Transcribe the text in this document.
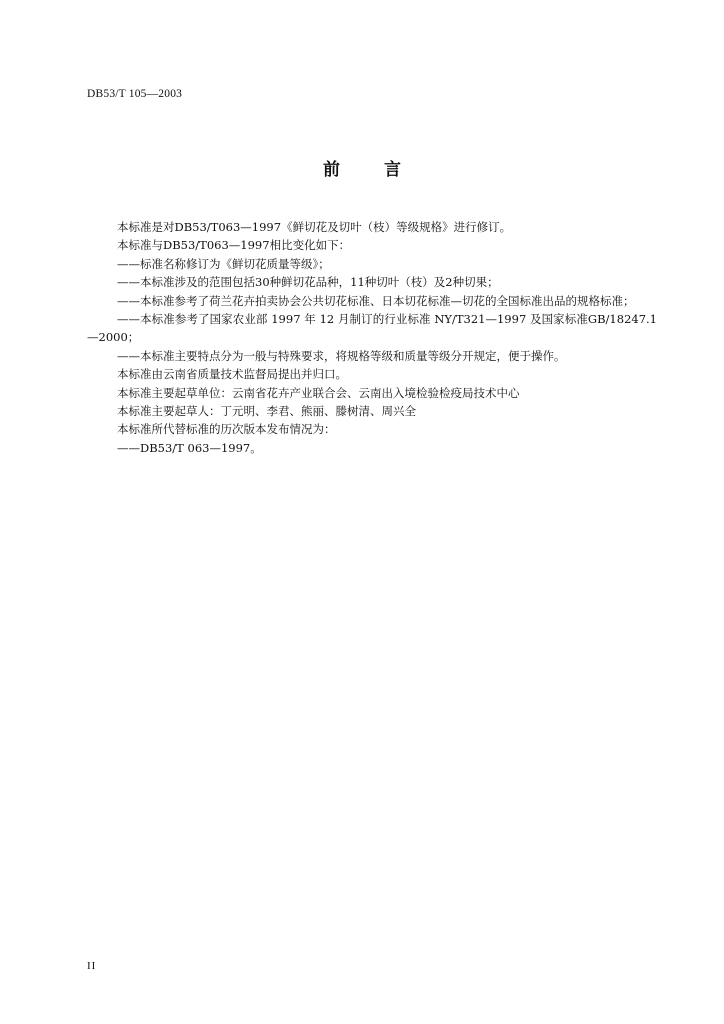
DB53/T 105—2003
前言

本标准是对DB53/T063—1997《鲜切花及切叶（枝）等级规格》进行修订。

本标准与DB53/T063—1997相比变化如下：

——标准名称修订为《鲜切花质量等级》；

——本标准涉及的范围包括30种鲜切花品种，11种切叶（枝）及2种切果；

——本标准参考了荷兰花卉拍卖协会公共切花标准、日本切花标准—切花的全国标准出品的规格标准；

——本标准参考了国家农业部 1997 年 12 月制订的行业标准 NY/T321—1997 及国家标准GB/18247.1—2000；

——本标准主要特点分为一般与特殊要求，将规格等级和质量等级分开规定，便于操作。

本标准由云南省质量技术监督局提出并归口。

本标准主要起草单位：云南省花卉产业联合会、云南出入境检验检疫局技术中心

本标准主要起草人：丁元明、李君、熊丽、滕树清、周兴全

本标准所代替标准的历次版本发布情况为：

——DB53/T 063—1997。

II
